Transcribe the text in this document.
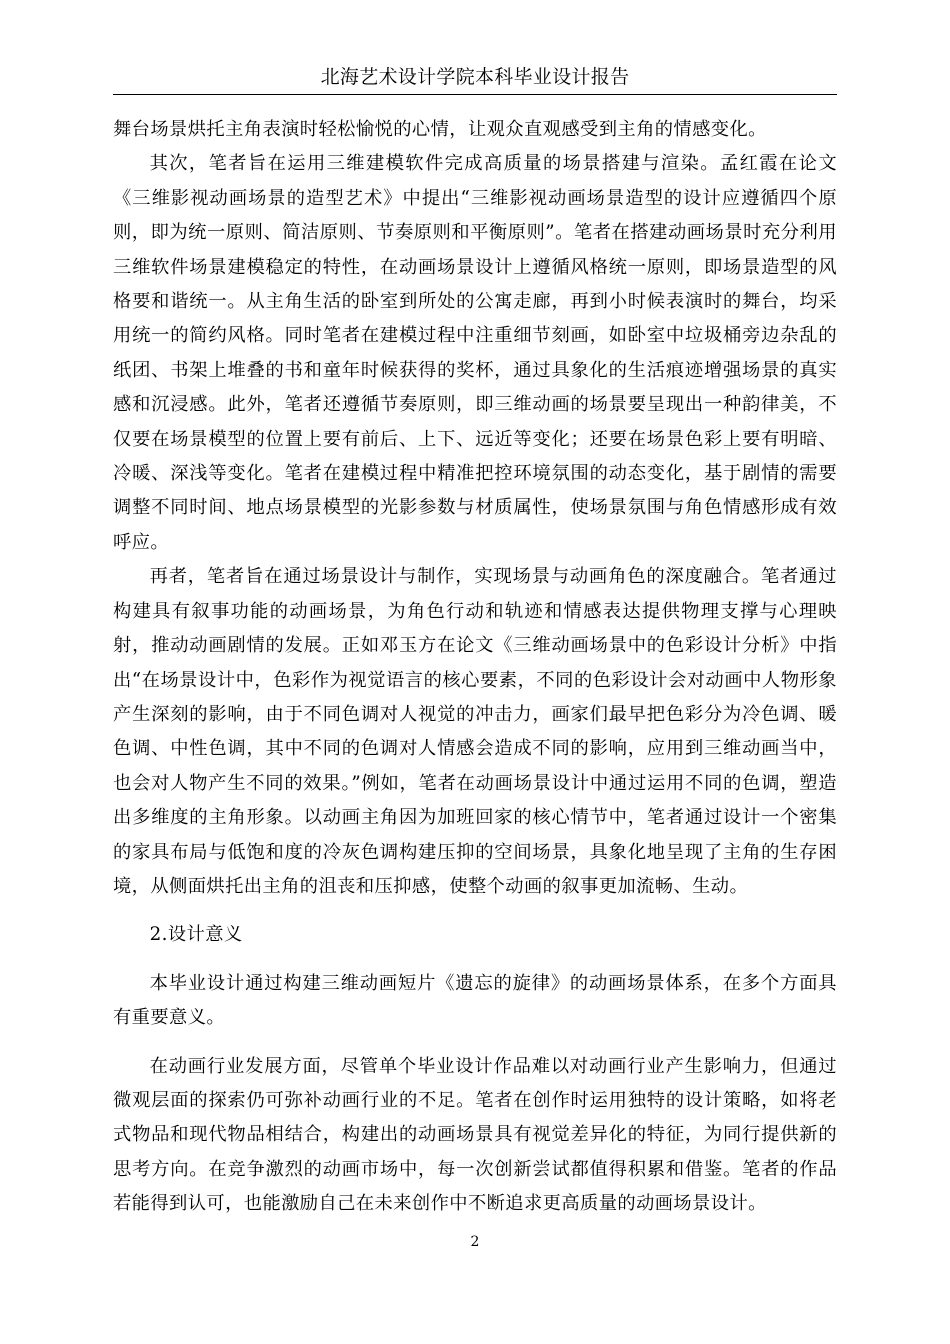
北海艺术设计学院本科毕业设计报告

舞台场景烘托主角表演时轻松愉悦的心情，让观众直观感受到主角的情感变化。

其次，笔者旨在运用三维建模软件完成高质量的场景搭建与渲染。孟红霞在论文《三维影视动画场景的造型艺术》中提出“三维影视动画场景造型的设计应遵循四个原则，即为统一原则、简洁原则、节奏原则和平衡原则”。笔者在搭建动画场景时充分利用三维软件场景建模稳定的特性，在动画场景设计上遵循风格统一原则，即场景造型的风格要和谐统一。从主角生活的卧室到所处的公寓走廊，再到小时候表演时的舞台，均采用统一的简约风格。同时笔者在建模过程中注重细节刻画，如卧室中垃圾桶旁边杂乱的纸团、书架上堆叠的书和童年时候获得的奖杯，通过具象化的生活痕迹增强场景的真实感和沉浸感。此外，笔者还遵循节奏原则，即三维动画的场景要呈现出一种韵律美，不仅要在场景模型的位置上要有前后、上下、远近等变化；还要在场景色彩上要有明暗、冷暖、深浅等变化。笔者在建模过程中精准把控环境氛围的动态变化，基于剧情的需要调整不同时间、地点场景模型的光影参数与材质属性，使场景氛围与角色情感形成有效呼应。

再者，笔者旨在通过场景设计与制作，实现场景与动画角色的深度融合。笔者通过构建具有叙事功能的动画场景，为角色行动和轨迹和情感表达提供物理支撑与心理映射，推动动画剧情的发展。正如邓玉方在论文《三维动画场景中的色彩设计分析》中指出“在场景设计中，色彩作为视觉语言的核心要素，不同的色彩设计会对动画中人物形象产生深刻的影响，由于不同色调对人视觉的冲击力，画家们最早把色彩分为冷色调、暖色调、中性色调，其中不同的色调对人情感会造成不同的影响，应用到三维动画当中，也会对人物产生不同的效果。”例如，笔者在动画场景设计中通过运用不同的色调，塑造出多维度的主角形象。以动画主角因为加班回家的核心情节中，笔者通过设计一个密集的家具布局与低饱和度的冷灰色调构建压抑的空间场景，具象化地呈现了主角的生存困境，从侧面烘托出主角的沮丧和压抑感，使整个动画的叙事更加流畅、生动。

2.设计意义

本毕业设计通过构建三维动画短片《遗忘的旋律》的动画场景体系，在多个方面具有重要意义。

在动画行业发展方面，尽管单个毕业设计作品难以对动画行业产生影响力，但通过微观层面的探索仍可弥补动画行业的不足。笔者在创作时运用独特的设计策略，如将老式物品和现代物品相结合，构建出的动画场景具有视觉差异化的特征，为同行提供新的思考方向。在竞争激烈的动画市场中，每一次创新尝试都值得积累和借鉴。笔者的作品若能得到认可，也能激励自己在未来创作中不断追求更高质量的动画场景设计。

2
